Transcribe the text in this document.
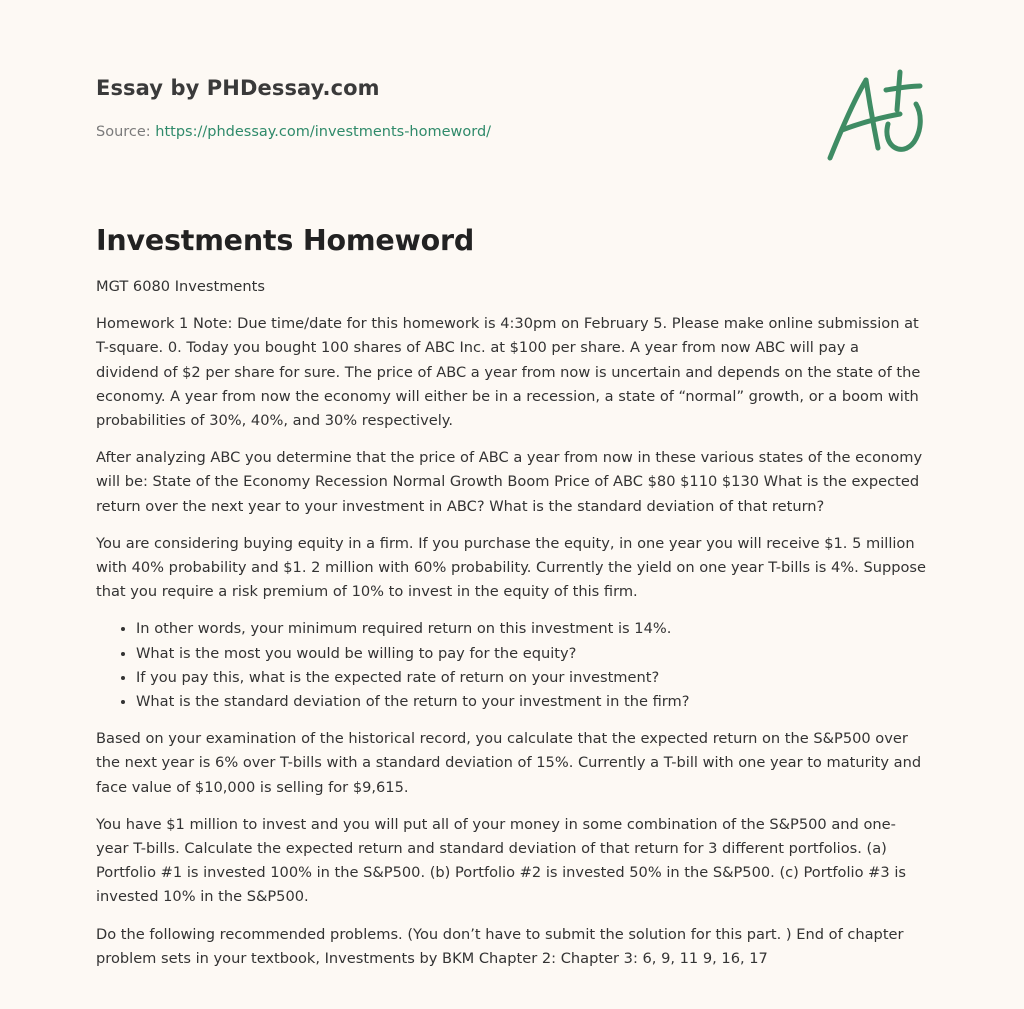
Essay by PHDessay.com
Source: https://phdessay.com/investments-homeword/
Investments Homeword

MGT 6080 Investments

Homework 1 Note: Due time/date for this homework is 4:30pm on February 5. Please make online submission at T-square. 0. Today you bought 100 shares of ABC Inc. at $100 per share. A year from now ABC will pay a dividend of $2 per share for sure. The price of ABC a year from now is uncertain and depends on the state of the economy. A year from now the economy will either be in a recession, a state of “normal” growth, or a boom with probabilities of 30%, 40%, and 30% respectively.

After analyzing ABC you determine that the price of ABC a year from now in these various states of the economy will be: State of the Economy Recession Normal Growth Boom Price of ABC $80 $110 $130 What is the expected return over the next year to your investment in ABC? What is the standard deviation of that return?

You are considering buying equity in a firm. If you purchase the equity, in one year you will receive $1. 5 million with 40% probability and $1. 2 million with 60% probability. Currently the yield on one year T-bills is 4%. Suppose that you require a risk premium of 10% to invest in the equity of this firm.

• In other words, your minimum required return on this investment is 14%.
• What is the most you would be willing to pay for the equity?
• If you pay this, what is the expected rate of return on your investment?
• What is the standard deviation of the return to your investment in the firm?

Based on your examination of the historical record, you calculate that the expected return on the S&P500 over the next year is 6% over T-bills with a standard deviation of 15%. Currently a T-bill with one year to maturity and face value of $10,000 is selling for $9,615.

You have $1 million to invest and you will put all of your money in some combination of the S&P500 and one-year T-bills. Calculate the expected return and standard deviation of that return for 3 different portfolios. (a) Portfolio #1 is invested 100% in the S&P500. (b) Portfolio #2 is invested 50% in the S&P500. (c) Portfolio #3 is invested 10% in the S&P500.

Do the following recommended problems. (You don’t have to submit the solution for this part. ) End of chapter problem sets in your textbook, Investments by BKM Chapter 2: Chapter 3: 6, 9, 11 9, 16, 17
